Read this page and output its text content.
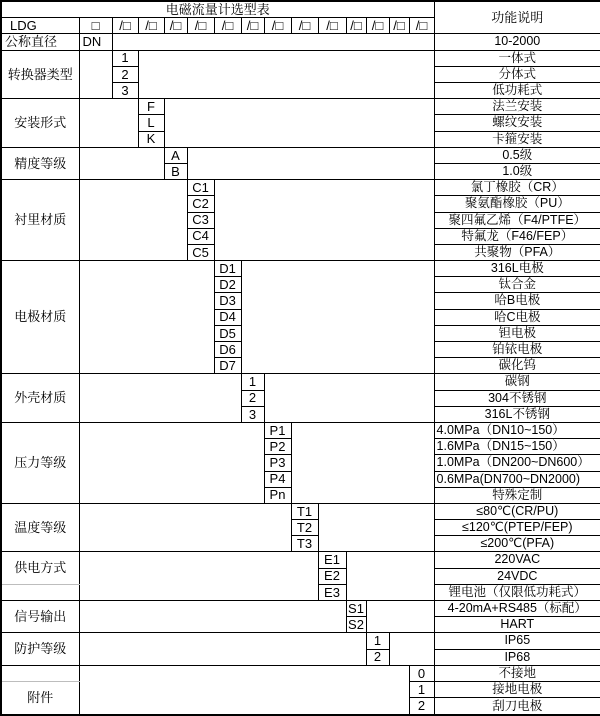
电磁流量计选型表															功能说明
LDG	□	/□	/□	/□	/□	/□	/□	/□	/□	/□	/□	/□	/□	/□	
公称直径	DN														10-2000
转换器类型		1													一体式
		2													分体式
		3													低功耗式
安装形式			F												法兰安装
			L												螺纹安装
			K												卡箍安装
精度等级				A											0.5级
				B											1.0级
衬里材质					C1										氯丁橡胶（CR）
					C2										聚氨酯橡胶（PU）
					C3										聚四氟乙烯（F4/PTFE）
					C4										特氟龙（F46/FEP）
					C5										共聚物（PFA）
电极材质						D1									316L电极
						D2									钛合金
						D3									哈B电极
						D4									哈C电极
						D5									钽电极
						D6									铂铱电极
						D7									碳化钨
外壳材质							1								碳钢
							2								304不锈钢
							3								316L不锈钢
压力等级								P1							4.0MPa（DN10~150）
								P2							1.6MPa（DN15~150）
								P3							1.0MPa（DN200~DN600）
								P4							0.6MPa(DN700~DN2000)
								Pn							特殊定制
温度等级									T1						≤80℃(CR/PU)
									T2						≤120℃(PTEP/FEP)
									T3						≤200℃(PFA)
供电方式										E1					220VAC
										E2					24VDC
										E3					锂电池（仅限低功耗式）
信号输出											S1				4-20mA+RS485（标配）
											S2				HART
防护等级												1			IP65
												2			IP68
														0	不接地
附件														1	接地电极
														2	刮刀电极
